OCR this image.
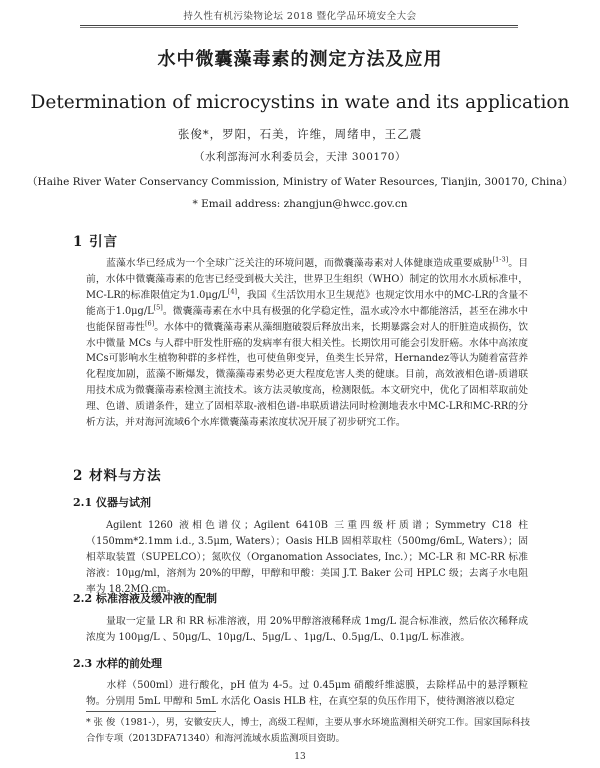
持久性有机污染物论坛 2018 暨化学品环境安全大会
水中微囊藻毒素的测定方法及应用
Determination of microcystins in wate and its application
张俊*，罗阳，石美，许维，周绪申，王乙震
（水利部海河水利委员会，天津 300170）
（Haihe River Water Conservancy Commission, Ministry of Water Resources, Tianjin, 300170, China）
* Email address: zhangjun@hwcc.gov.cn
1 引言
蓝藻水华已经成为一个全球广泛关注的环境问题，而微囊藻毒素对人体健康造成重要威胁[1-3]。目前，水体中微囊藻毒素的危害已经受到极大关注，世界卫生组织（WHO）制定的饮用水水质标准中，MC-LR的标准限值定为1.0μg/L[4]，我国《生活饮用水卫生规范》也规定饮用水中的MC-LR的含量不能高于1.0μg/L[5]。微囊藻毒素在水中具有极强的化学稳定性，温水或冷水中都能溶活，甚至在沸水中也能保留毒性[6]。水体中的微囊藻毒素从藻细胞破裂后释放出来，长期暴露会对人的肝脏造成损伤，饮水中微量 MCs 与人群中肝发性肝癌的发病率有很大相关性。长期饮用可能会引发肝癌。水体中高浓度MCs可影响水生植物种群的多样性，也可使鱼卵变异，鱼类生长异常，Hernandez等认为随着富营养化程度加剧，蓝藻不断爆发，微藻藻毒素势必更大程度危害人类的健康。目前，高效液相色谱-质谱联用技术成为微囊藻毒素检测主流技术。该方法灵敏度高，检测限低。本文研究中，优化了固相萃取前处理、色谱、质谱条件，建立了固相萃取-液相色谱-串联质谱法同时检测地表水中MC-LR和MC-RR的分析方法，并对海河流域6个水库微囊藻毒素浓度状况开展了初步研究工作。
2 材料与方法
2.1 仪器与试剂
Agilent 1260 液相色谱仪；Agilent 6410B 三重四级杆质谱；Symmetry C18 柱（150mm*2.1mm i.d., 3.5μm, Waters）；Oasis HLB 固相萃取柱（500mg/6mL, Waters）；固相萃取装置（SUPELCO）；氮吹仪（Organomation Associates, Inc.）；MC-LR 和 MC-RR 标准溶液：10μg/ml，溶剂为 20%的甲醇，甲醇和甲酸：美国 J.T. Baker 公司 HPLC 级；去离子水电阻率为 18.2MΩ.cm。
2.2 标准溶液及缓冲液的配制
量取一定量 LR 和 RR 标准溶液，用 20%甲醇溶液稀释成 1mg/L 混合标准液，然后依次稀释成浓度为 100μg/L 、50μg/L、10μg/L、5μg/L 、1μg/L、0.5μg/L、0.1μg/L 标准液。
2.3 水样的前处理
水样（500ml）进行酸化，pH 值为 4-5。过 0.45μm 硝酸纤维滤膜，去除样品中的悬浮颗粒物。分别用 5mL 甲醇和 5mL 水活化 Oasis HLB 柱，在真空泵的负压作用下，使待测溶液以稳定
* 张 俊（1981-），男，安徽安庆人，博士，高级工程师，主要从事水环境监测相关研究工作。国家国际科技合作专项（2013DFA71340）和海河流域水质监测项目资助。
13
